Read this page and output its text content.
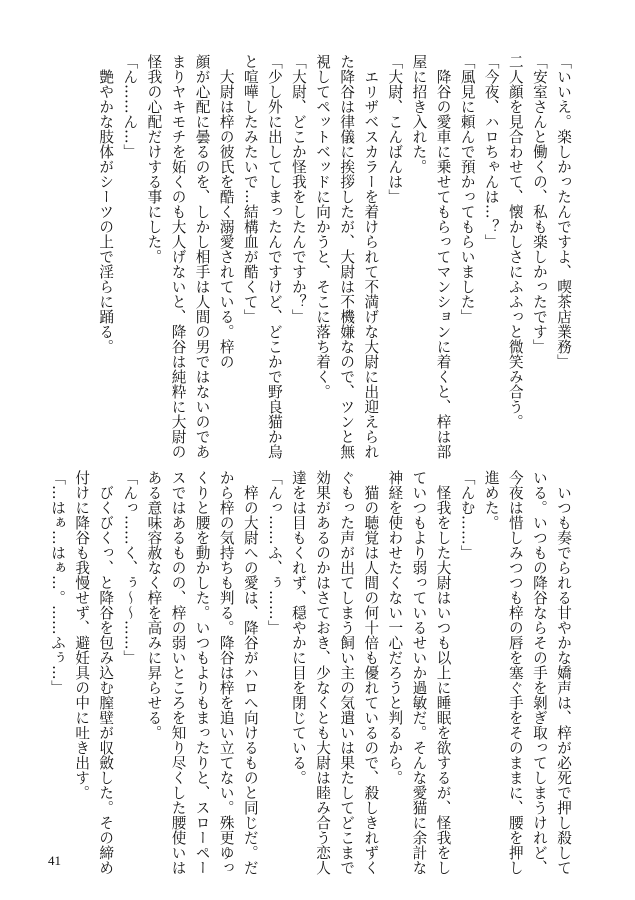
「いいえ。楽しかったんですよ、喫茶店業務」

「安室さんと働くの、私も楽しかったです」

二人顔を見合わせて、懐かしさにふふっと微笑み合う。

「今夜、ハロちゃんは…？」

「風見に頼んで預かってもらいました」

　降谷の愛車に乗せてもらってマンションに着くと、梓は部

屋に招き入れた。

「大尉、こんばんは」

　エリザベスカラーを着けられて不満げな大尉に出迎えられ

た降谷は律儀に挨拶したが、大尉は不機嫌なので、ツンと無

視してペットベッドに向かうと、そこに落ち着く。

「大尉、どこか怪我をしたんですか？」

「少し外に出してしまったんですけど、どこかで野良猫か烏

と喧嘩したみたいで…結構血が酷くて」

　大尉は梓の彼氏を酷く溺愛されている。梓の

顔が心配に曇るのを、しかし相手は人間の男ではないのであ

まりヤキモチを妬くのも大人げないと、降谷は純粋に大尉の

怪我の心配だけする事にした。

「ん……ん…」

　艶やかな肢体がシーツの上で淫らに踊る。

　いつも奏でられる甘やかな嬌声は、梓が必死で押し殺して

いる。いつもの降谷ならその手を剝ぎ取ってしまうけれど、

今夜は惜しみつつも梓の唇を塞ぐ手をそのままに、腰を押し

進めた。

「んむ……」

　怪我をした大尉はいつも以上に睡眠を欲するが、怪我をし

ていつもより弱っているせいか過敏だ。そんな愛猫に余計な

神経を使わせたくない一心だろうと判るから。

　猫の聴覚は人間の何十倍も優れているので、殺しきれずく

ぐもった声が出てしまう飼い主の気遣いは果たしてどこまで

効果があるのかはさておき、少なくとも大尉は睦み合う恋人

達をは目もくれず、穏やかに目を閉じている。

「んっ……ふ、ぅ……」

　梓の大尉への愛は、降谷がハロへ向けるものと同じだ。だ

から梓の気持ちも判る。降谷は梓を追い立てない。殊更ゆっ

くりと腰を動かした。いつもよりもまったりと、スローペー

スではあるものの、梓の弱いところを知り尽くした腰使いは

ある意味容赦なく梓を高みに昇らせる。

「んっ……く、ぅ〜〜……」

　びくびくっ、と降谷を包み込む膣壁が収斂した。その締め

付けに降谷も我慢せず、避妊具の中に吐き出す。

「…はぁ…はぁ…。……ふぅ…」

41
